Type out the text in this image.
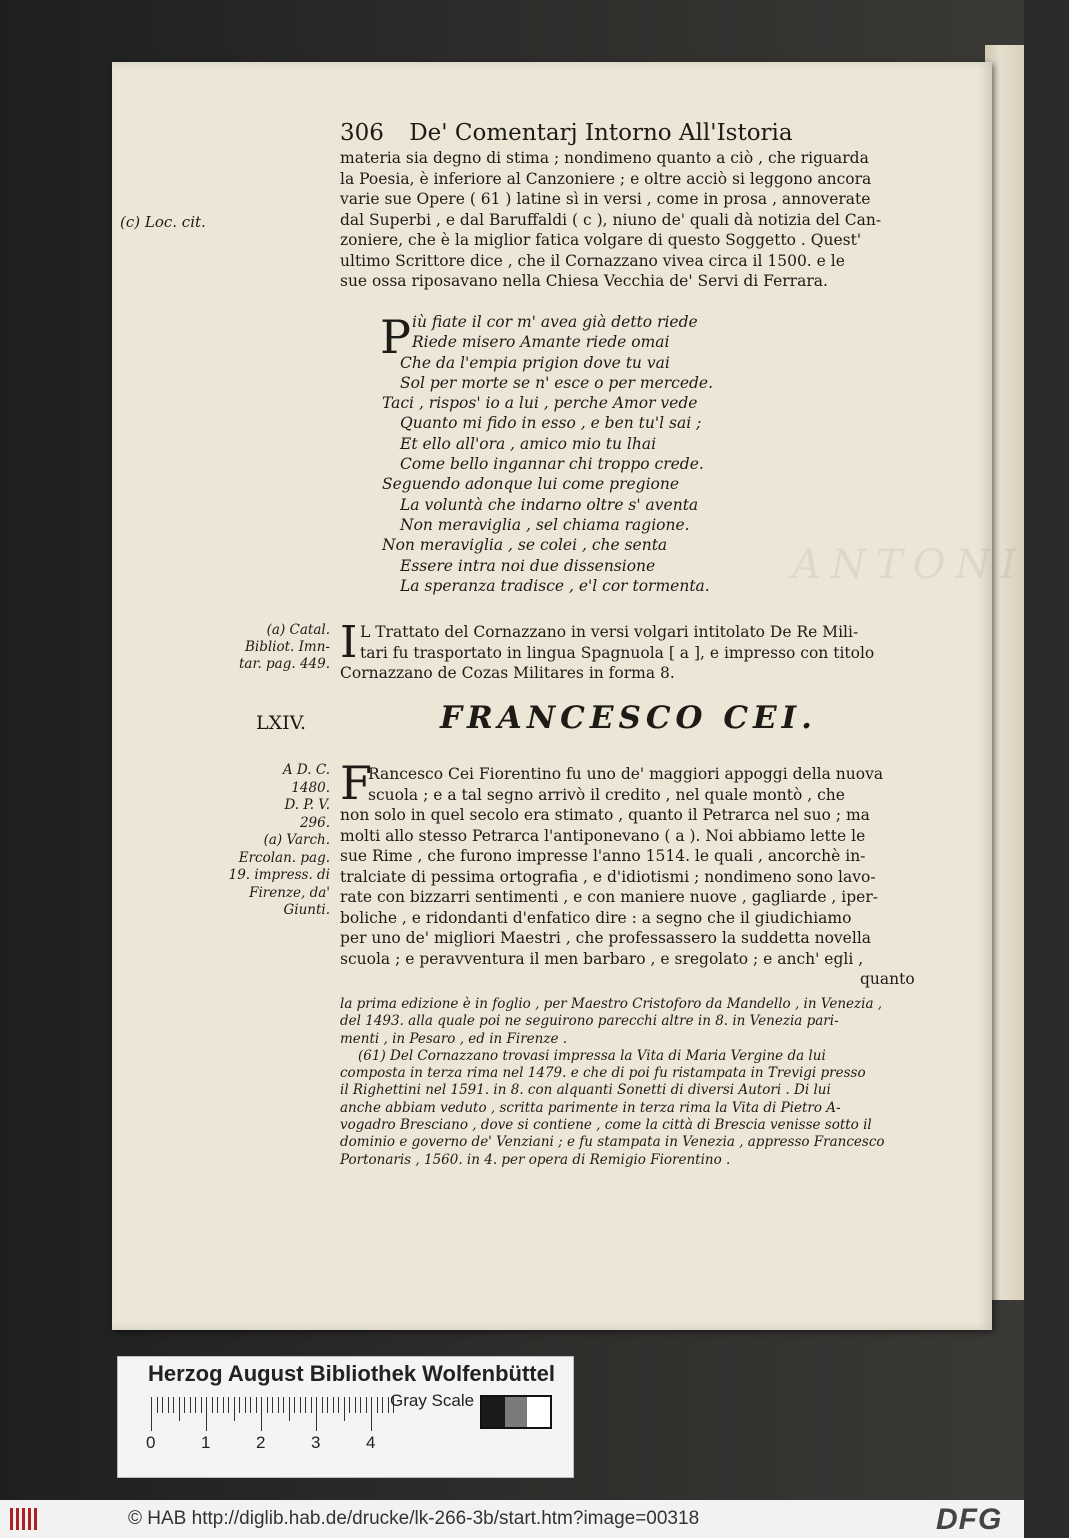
ANTONIO
306 De' Comentarj Intorno All'Istoria
(c) Loc. cit.
materia sia degno di stima ; nondimeno quanto a ciò , che riguarda
la Poesia, è inferiore al Canzoniere ; e oltre acciò si leggono ancora
varie sue Opere ( 61 ) latine sì in versi , come in prosa , annoverate
dal Superbi , e dal Baruffaldi ( c ), niuno de' quali dà notizia del Can-
zoniere, che è la miglior fatica volgare di questo Soggetto . Quest'
ultimo Scrittore dice , che il Cornazzano vivea circa il 1500. e le
sue ossa riposavano nella Chiesa Vecchia de' Servi di Ferrara.
P iù fiate il cor m' avea già detto riede
Riede misero Amante riede omai
Che da l'empia prigion dove tu vai
Sol per morte se n' esce o per mercede.
Taci , rispos' io a lui , perche Amor vede
Quanto mi fido in esso , e ben tu'l sai ;
Et ello all'ora , amico mio tu lhai
Come bello ingannar chi troppo crede.
Seguendo adonque lui come pregione
La voluntà che indarno oltre s' aventa
Non meraviglia , sel chiama ragione.
Non meraviglia , se colei , che senta
Essere intra noi due dissensione
La speranza tradisce , e'l cor tormenta.
(a) Catal.
Bibliot. Imn-
tar. pag. 449. I L Trattato del Cornazzano in versi volgari intitolato De Re Mili-
tari fu trasportato in lingua Spagnuola [ a ], e impresso con titolo
Cornazzano de Cozas Militares in forma 8.
LXIV.	FRANCESCO CEI.
A D. C.
1480.
D. P. V.
296.
(a) Varch.
Ercolan. pag.
19. impress. di
Firenze, da'
Giunti.
F
Rancesco Cei Fiorentino fu uno de' maggiori appoggi della nuova
scuola ; e a tal segno arrivò il credito , nel quale montò , che
non solo in quel secolo era stimato , quanto il Petrarca nel suo ; ma
molti allo stesso Petrarca l'antiponevano ( a ). Noi abbiamo lette le
sue Rime , che furono impresse l'anno 1514. le quali , ancorchè in-
tralciate di pessima ortografia , e d'idiotismi ; nondimeno sono lavo-
rate con bizzarri sentimenti , e con maniere nuove , gagliarde , iper-
boliche , e ridondanti d'enfatico dire : a segno che il giudichiamo
per uno de' migliori Maestri , che professassero la suddetta novella
scuola ; e peravventura il men barbaro , e sregolato ; e anch' egli ,
quanto
la prima edizione è in foglio , per Maestro Cristoforo da Mandello , in Venezia ,
del 1493. alla quale poi ne seguirono parecchi altre in 8. in Venezia pari-
menti , in Pesaro , ed in Firenze .
(61) Del Cornazzano trovasi impressa la Vita di Maria Vergine da lui
composta in terza rima nel 1479. e che di poi fu ristampata in Trevigi presso
il Righettini nel 1591. in 8. con alquanti Sonetti di diversi Autori . Di lui
anche abbiam veduto , scritta parimente in terza rima la Vita di Pietro A-
vogadro Bresciano , dove si contiene , come la città di Brescia venisse sotto il
dominio e governo de' Venziani ; e fu stampata in Venezia , appresso Francesco
Portonaris , 1560. in 4. per opera di Remigio Fiorentino .
Herzog August Bibliothek Wolfenbüttel
0	1	2	3	4
Gray Scale
© HAB http://diglib.hab.de/drucke/lk-266-3b/start.htm?image=00318	DFG
